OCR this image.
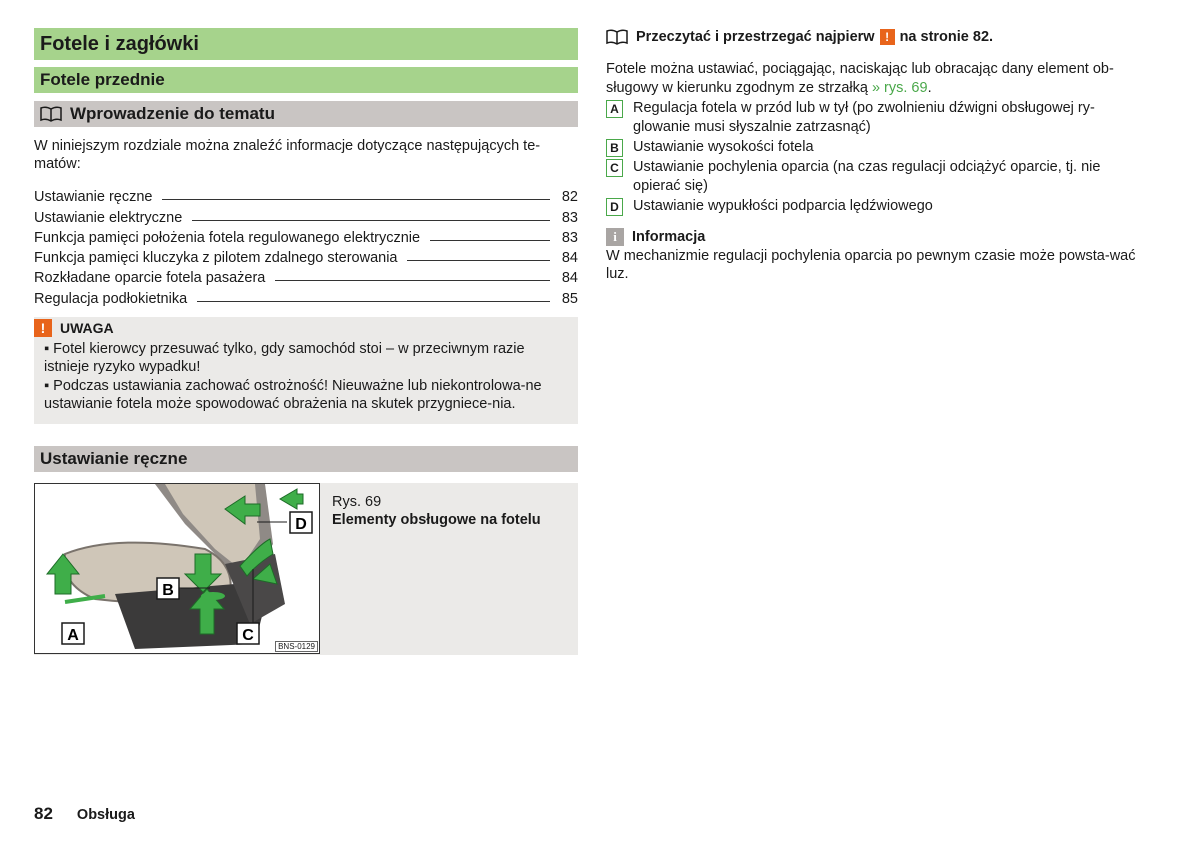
Fotele i zagłówki
Fotele przednie
Wprowadzenie do tematu
W niniejszym rozdziale można znaleźć informacje dotyczące następujących te-matów:
Ustawianie ręczne	82
Ustawianie elektryczne	83
Funkcja pamięci położenia fotela regulowanego elektrycznie	83
Funkcja pamięci kluczyka z pilotem zdalnego sterowania	84
Rozkładane oparcie fotela pasażera	84
Regulacja podłokietnika	85
!	UWAGA
▪ Fotel kierowcy przesuwać tylko, gdy samochód stoi – w przeciwnym razie istnieje ryzyko wypadku!
▪ Podczas ustawiania zachować ostrożność! Nieuważne lub niekontrolowa-ne ustawianie fotela może spowodować obrażenia na skutek przygniece-nia.
Ustawianie ręczne
A
B
C
D
BNS-0129
Rys. 69
Elementy obsługowe na fotelu
Przeczytać i przestrzegać najpierw ! na stronie 82.
Fotele można ustawiać, pociągając, naciskając lub obracając dany element ob-sługowy w kierunku zgodnym ze strzałką » rys. 69.
A Regulacja fotela w przód lub w tył (po zwolnieniu dźwigni obsługowej ry-glowanie musi słyszalnie zatrzasnąć)
B Ustawianie wysokości fotela
C Ustawianie pochylenia oparcia (na czas regulacji odciążyć oparcie, tj. nie opierać się)
D Ustawianie wypukłości podparcia lędźwiowego
i	Informacja
W mechanizmie regulacji pochylenia oparcia po pewnym czasie może powsta-wać luz.
82 Obsługa
